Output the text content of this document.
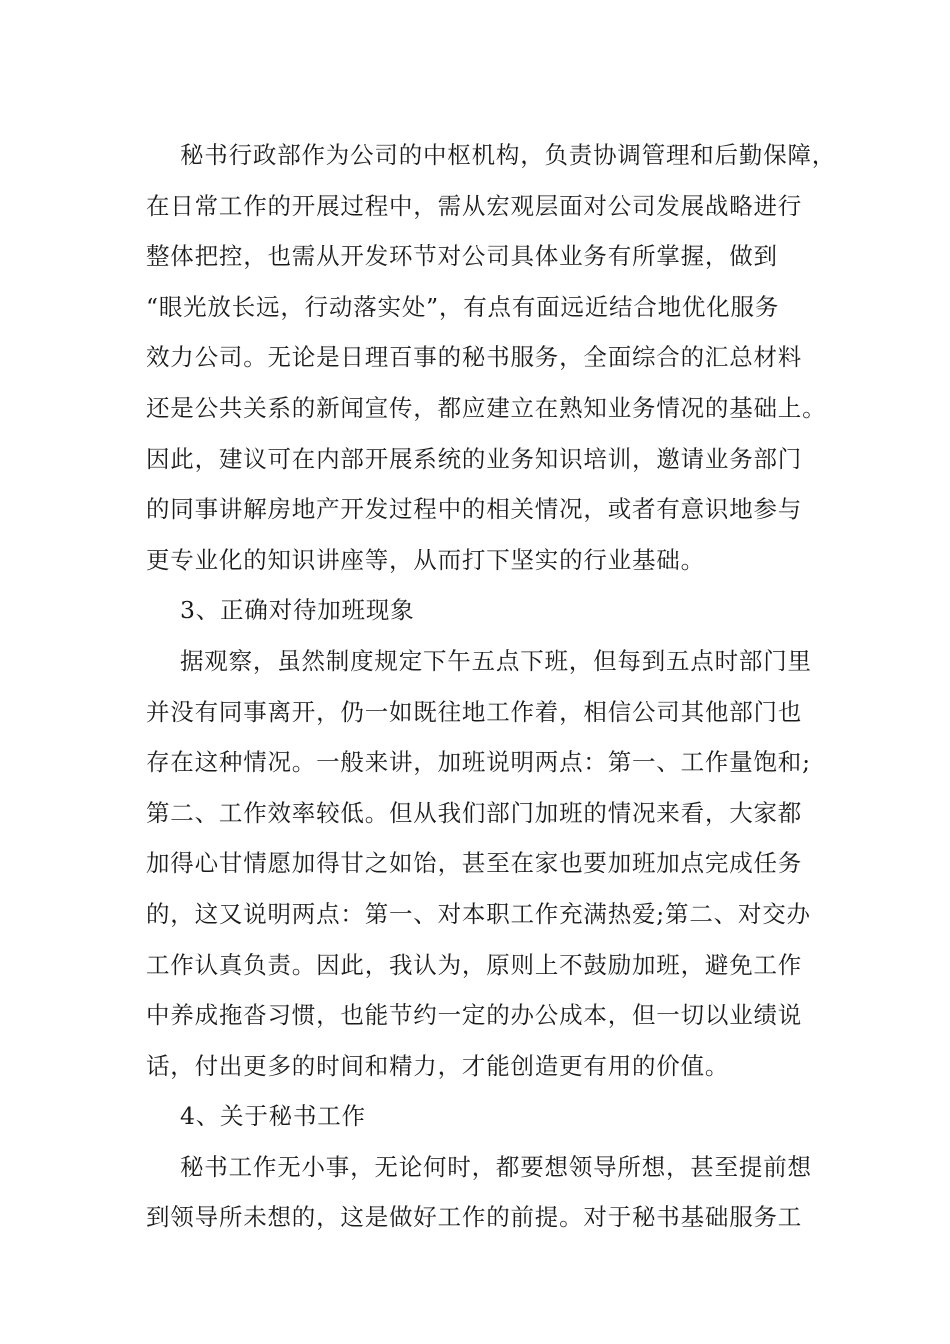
秘书行政部作为公司的中枢机构，负责协调管理和后勤保障，
在日常工作的开展过程中，需从宏观层面对公司发展战略进行
整体把控，也需从开发环节对公司具体业务有所掌握，做到
“眼光放长远，行动落实处”，有点有面远近结合地优化服务
效力公司。无论是日理百事的秘书服务，全面综合的汇总材料
还是公共关系的新闻宣传，都应建立在熟知业务情况的基础上。
因此，建议可在内部开展系统的业务知识培训，邀请业务部门
的同事讲解房地产开发过程中的相关情况，或者有意识地参与
更专业化的知识讲座等，从而打下坚实的行业基础。
3、正确对待加班现象
据观察，虽然制度规定下午五点下班，但每到五点时部门里
并没有同事离开，仍一如既往地工作着，相信公司其他部门也
存在这种情况。一般来讲，加班说明两点：第一、工作量饱和;
第二、工作效率较低。但从我们部门加班的情况来看，大家都
加得心甘情愿加得甘之如饴，甚至在家也要加班加点完成任务
的，这又说明两点：第一、对本职工作充满热爱;第二、对交办
工作认真负责。因此，我认为，原则上不鼓励加班，避免工作
中养成拖沓习惯，也能节约一定的办公成本，但一切以业绩说
话，付出更多的时间和精力，才能创造更有用的价值。
4、关于秘书工作
秘书工作无小事，无论何时，都要想领导所想，甚至提前想
到领导所未想的，这是做好工作的前提。对于秘书基础服务工
